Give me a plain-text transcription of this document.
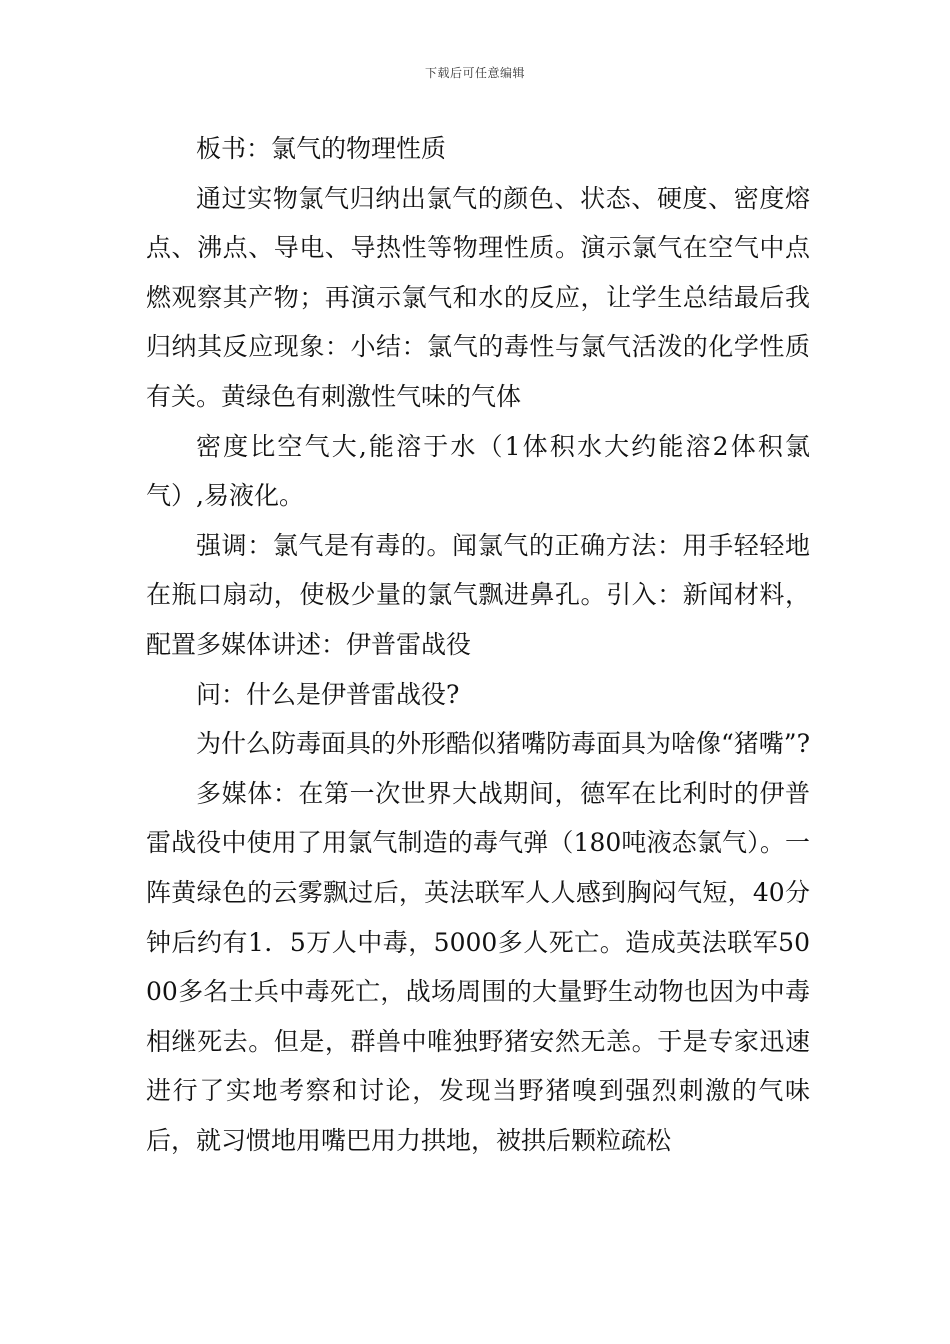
下载后可任意编辑

板书：氯气的物理性质

通过实物氯气归纳出氯气的颜色、状态、硬度、密度熔点、沸点、导电、导热性等物理性质。演示氯气在空气中点燃观察其产物；再演示氯气和水的反应，让学生总结最后我归纳其反应现象：小结：氯气的毒性与氯气活泼的化学性质有关。黄绿色有刺激性气味的气体

密度比空气大,能溶于水（1体积水大约能溶2体积氯气）,易液化。

强调：氯气是有毒的。闻氯气的正确方法：用手轻轻地在瓶口扇动，使极少量的氯气飘进鼻孔。引入：新闻材料，配置多媒体讲述：伊普雷战役

问：什么是伊普雷战役?

为什么防毒面具的外形酷似猪嘴防毒面具为啥像“猪嘴”?

多媒体：在第一次世界大战期间，德军在比利时的伊普雷战役中使用了用氯气制造的毒气弹（180吨液态氯气）。一阵黄绿色的云雾飘过后，英法联军人人感到胸闷气短，40分钟后约有1．5万人中毒，5000多人死亡。造成英法联军5000多名士兵中毒死亡，战场周围的大量野生动物也因为中毒相继死去。但是，群兽中唯独野猪安然无恙。于是专家迅速进行了实地考察和讨论，发现当野猪嗅到强烈刺激的气味后，就习惯地用嘴巴用力拱地，被拱后颗粒疏松
